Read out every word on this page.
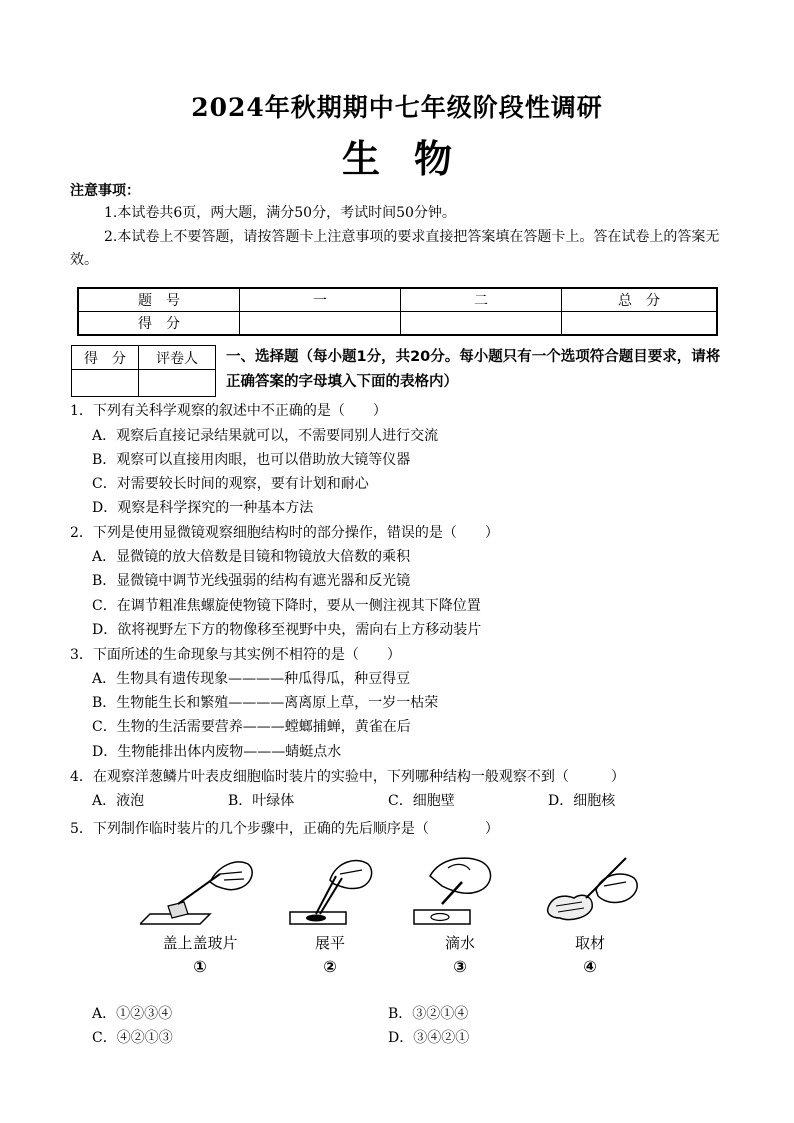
2024年秋期期中七年级阶段性调研
生物
注意事项：
1.本试卷共6页，两大题，满分50分，考试时间50分钟。
2.本试卷上不要答题，请按答题卡上注意事项的要求直接把答案填在答题卡上。答在试卷上的答案无效。
题　号	一	二	总　分
得　分			
得　分	评卷人
	一、选择题（每小题1分，共20分。每小题只有一个选项符合题目要求，请将正确答案的字母填入下面的表格内）
1．下列有关科学观察的叙述中不正确的是（　　）
A．观察后直接记录结果就可以，不需要同别人进行交流
B．观察可以直接用肉眼，也可以借助放大镜等仪器
C．对需要较长时间的观察，要有计划和耐心
D．观察是科学探究的一种基本方法
2．下列是使用显微镜观察细胞结构时的部分操作，错误的是（　　）
A．显微镜的放大倍数是目镜和物镜放大倍数的乘积
B．显微镜中调节光线强弱的结构有遮光器和反光镜
C．在调节粗准焦螺旋使物镜下降时，要从一侧注视其下降位置
D．欲将视野左下方的物像移至视野中央，需向右上方移动装片
3．下面所述的生命现象与其实例不相符的是（　　）
A．生物具有遗传现象————种瓜得瓜，种豆得豆
B．生物能生长和繁殖————离离原上草，一岁一枯荣
C．生物的生活需要营养———螳螂捕蝉，黄雀在后
D．生物能排出体内废物———蜻蜓点水
4．在观察洋葱鳞片叶表皮细胞临时装片的实验中，下列哪种结构一般观察不到（　　　）
A．液泡	B．叶绿体	C．细胞壁	D．细胞核
5．下列制作临时装片的几个步骤中，正确的先后顺序是（　　　　）
盖上盖玻片
①
展平
②
滴水
③
取材
④
A．①②③④	B．③②①④
C．④②①③	D．③④②①
